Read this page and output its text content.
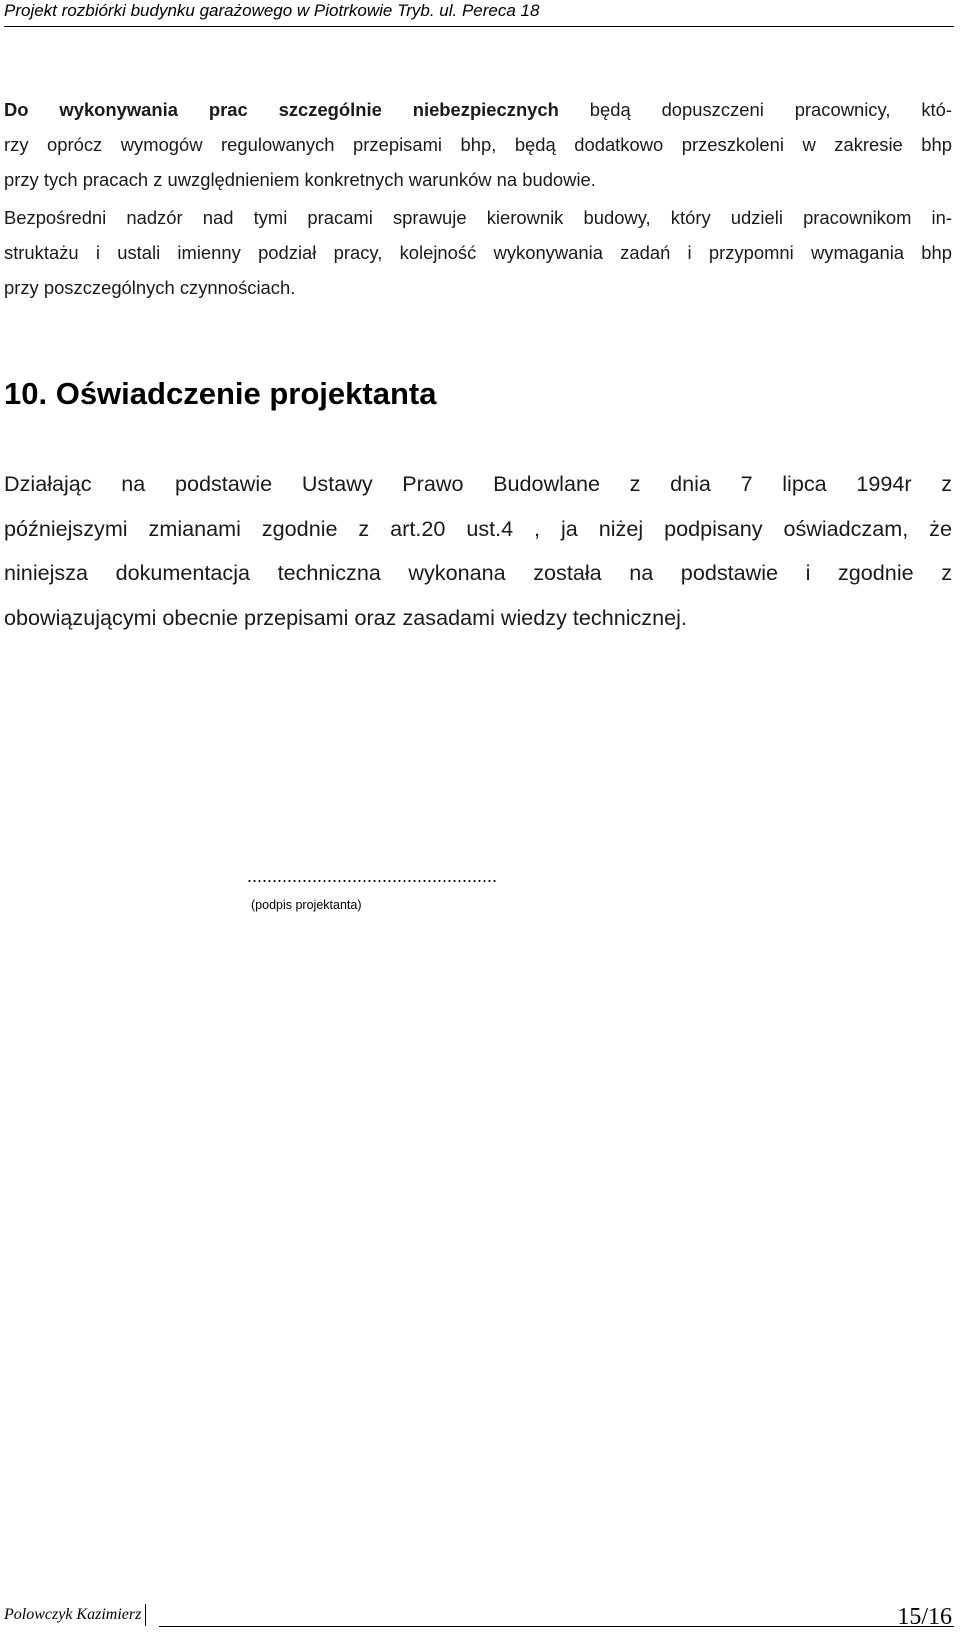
Projekt rozbiórki budynku garażowego w Piotrkowie Tryb. ul. Pereca 18
Do wykonywania prac szczególnie niebezpiecznych będą dopuszczeni pracownicy, któ-
rzy oprócz wymogów regulowanych przepisami bhp, będą dodatkowo przeszkoleni w zakresie bhp
przy tych pracach z uwzględnieniem konkretnych warunków na budowie.
Bezpośredni nadzór nad tymi pracami sprawuje kierownik budowy, który udzieli pracownikom in-
struktażu i ustali imienny podział pracy, kolejność wykonywania zadań i przypomni wymagania bhp
przy poszczególnych czynnościach.
10. Oświadczenie projektanta
Działając na podstawie Ustawy Prawo Budowlane z dnia 7 lipca 1994r z
późniejszymi zmianami zgodnie z art.20 ust.4 , ja niżej podpisany oświadczam, że
niniejsza dokumentacja techniczna wykonana została na podstawie i zgodnie z
obowiązującymi obecnie przepisami oraz zasadami wiedzy technicznej.
..................................................
(podpis projektanta)
Polowczyk Kazimierz	15/16
